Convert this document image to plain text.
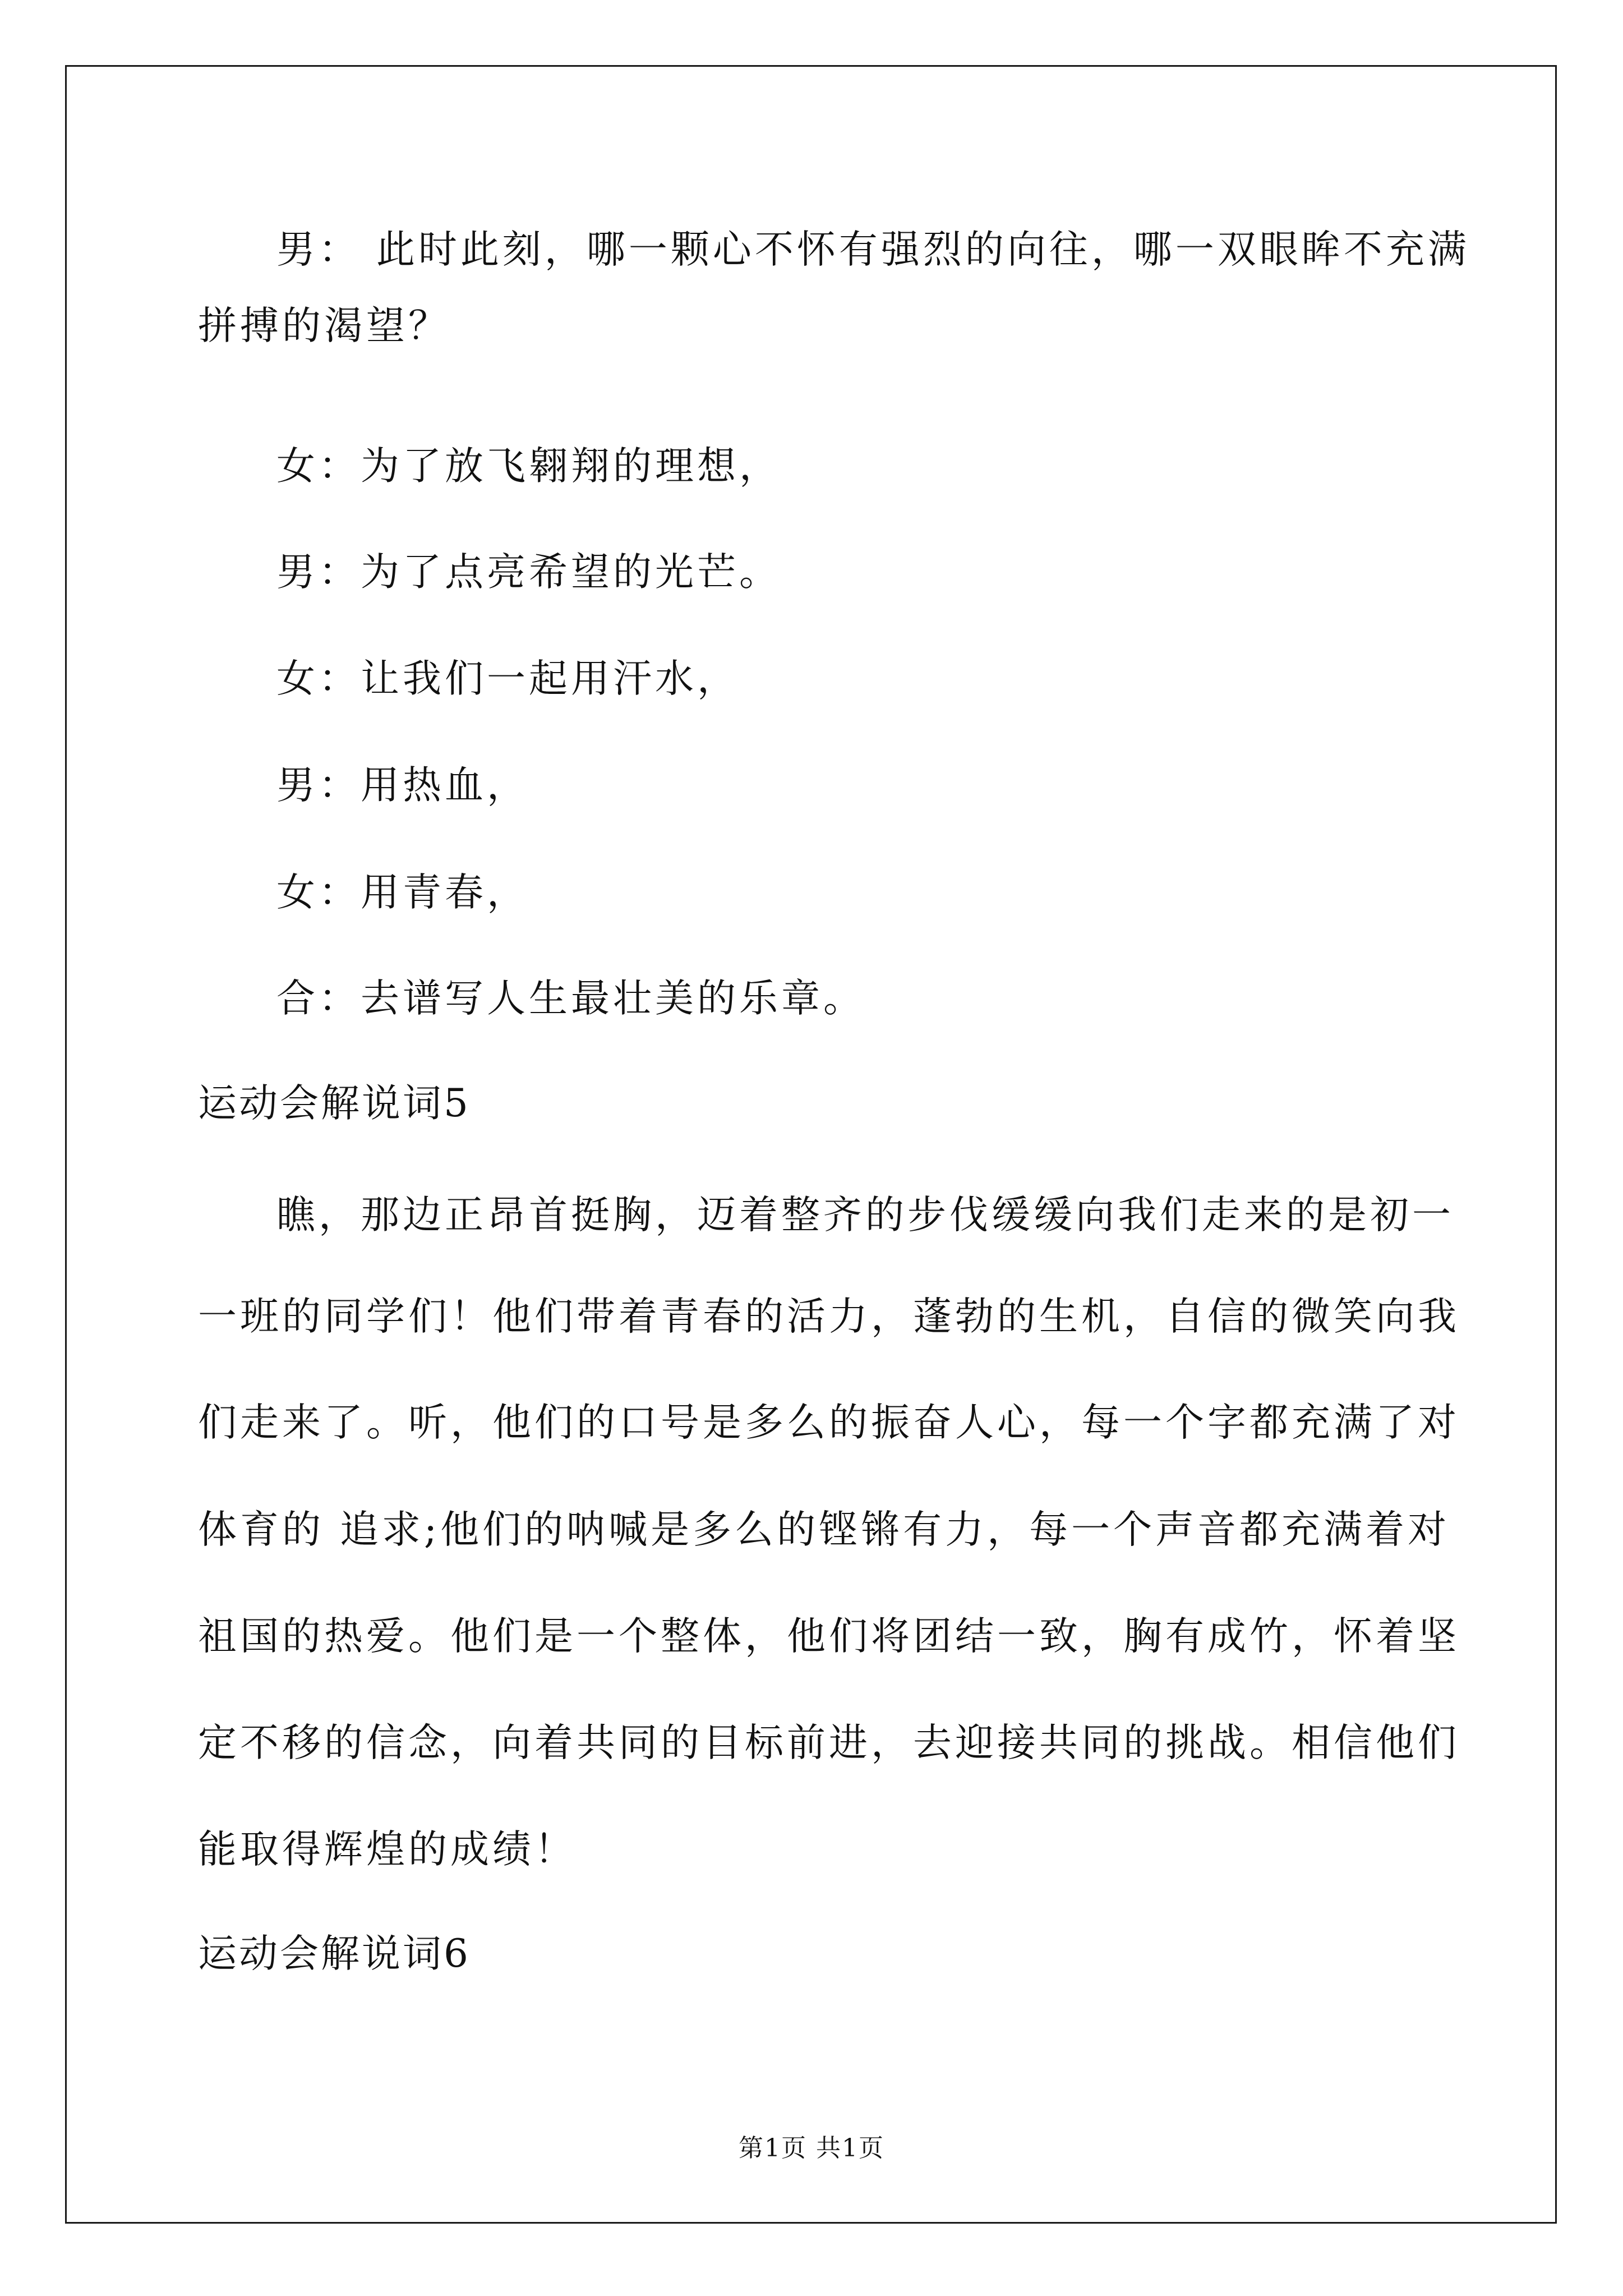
男： 此时此刻，哪一颗心不怀有强烈的向往，哪一双眼眸不充满
拼搏的渴望？
女：为了放飞翱翔的理想，
男：为了点亮希望的光芒。
女：让我们一起用汗水，
男：用热血，
女：用青春，
合：去谱写人生最壮美的乐章。
运动会解说词5
瞧，那边正昂首挺胸，迈着整齐的步伐缓缓向我们走来的是初一
一班的同学们！他们带着青春的活力，蓬勃的生机，自信的微笑向我
们走来了。听，他们的口号是多么的振奋人心，每一个字都充满了对
体育的 追求;他们的呐喊是多么的铿锵有力，每一个声音都充满着对
祖国的热爱。他们是一个整体，他们将团结一致，胸有成竹，怀着坚
定不移的信念，向着共同的目标前进，去迎接共同的挑战。相信他们
能取得辉煌的成绩！
运动会解说词6
第1页 共1页
